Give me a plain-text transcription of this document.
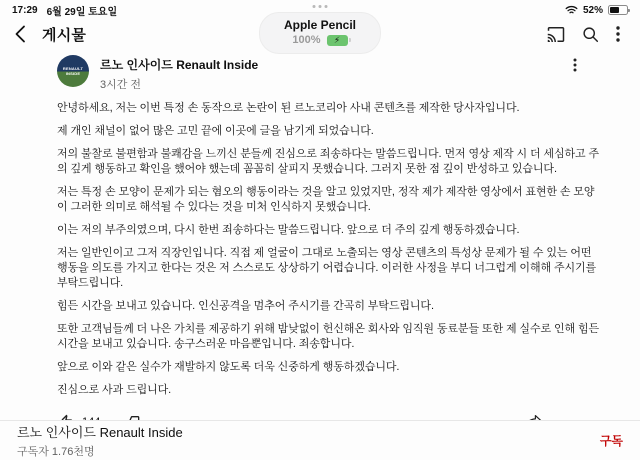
17:29 6월 29일 토요일	52%
Apple Pencil
100% ⚡
게시물
RENAULT
INSIDE
르노 인사이드 Renault Inside
3시간 전

안녕하세요, 저는 이번 특정 손 동작으로 논란이 된 르노코리아 사내 콘텐츠를 제작한 당사자입니다.

제 개인 채널이 없어 많은 고민 끝에 이곳에 글을 남기게 되었습니다.

저의 불찰로 불편함과 불쾌감을 느끼신 분들께 진심으로 죄송하다는 말씀드립니다. 먼저 영상 제작 시 더 세심하고 주의 깊게 행동하고 확인을 했어야 했는데 꼼꼼히 살피지 못했습니다. 그러지 못한 점 깊이 반성하고 있습니다.

저는 특정 손 모양이 문제가 되는 혐오의 행동이라는 것을 알고 있었지만, 정작 제가 제작한 영상에서 표현한 손 모양이 그러한 의미로 해석될 수 있다는 것을 미처 인식하지 못했습니다.

이는 저의 부주의였으며, 다시 한번 죄송하다는 말씀드립니다. 앞으로 더 주의 깊게 행동하겠습니다.

저는 일반인이고 그저 직장인입니다. 직접 제 얼굴이 그대로 노출되는 영상 콘텐츠의 특성상 문제가 될 수 있는 어떤 행동을 의도를 가지고 한다는 것은 저 스스로도 상상하기 어렵습니다. 이러한 사정을 부디 너그럽게 이해해 주시기를 부탁드립니다.

힘든 시간을 보내고 있습니다. 인신공격을 멈추어 주시기를 간곡히 부탁드립니다.

또한 고객님들께 더 나은 가치를 제공하기 위해 밤낮없이 헌신해온 회사와 임직원 동료분들 또한 제 실수로 인해 힘든 시간을 보내고 있습니다. 송구스러운 마음뿐입니다. 죄송합니다.

앞으로 이와 같은 실수가 재발하지 않도록 더욱 신중하게 행동하겠습니다.

진심으로 사과 드립니다.

르노 인사이드 Renault Inside
구독자 1.76천명
구독
